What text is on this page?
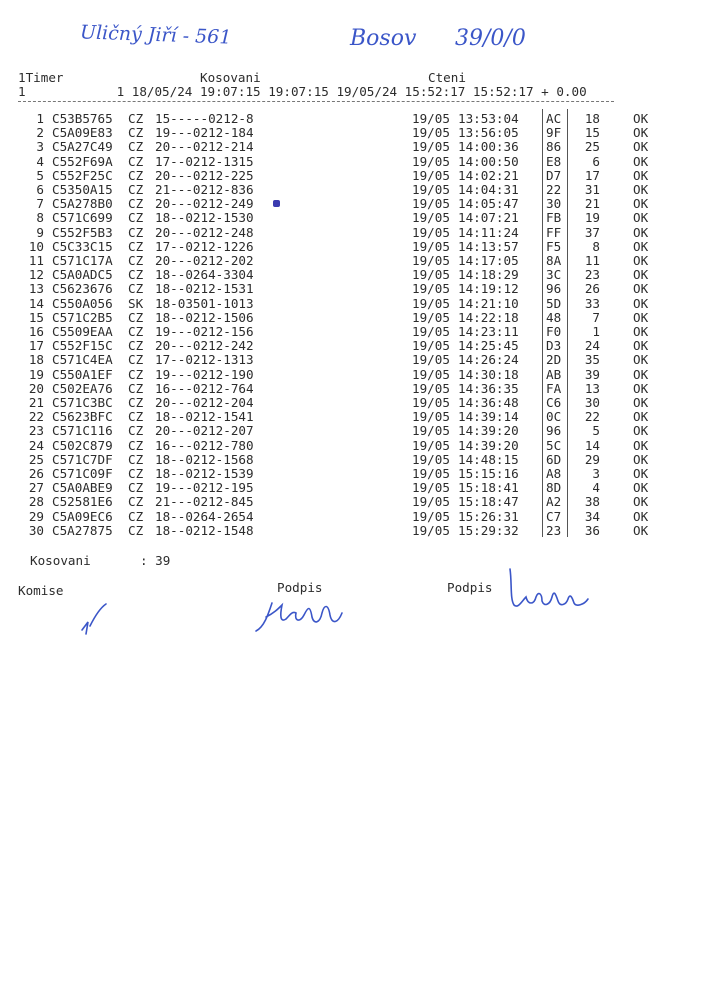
Uličný Jiří - 561	Bosov 39/0/0
1Timer	Kosovani	Cteni
1            1 18/05/24 19:07:15 19:07:15 19/05/24 15:52:17 15:52:17 + 0.00
1 C53B5765 CZ 15-----0212-8	19/05 13:53:04 AC	18	OK
2 C5A09E83 CZ 19---0212-184	19/05 13:56:05 9F	15	OK
3 C5A27C49 CZ 20---0212-214	19/05 14:00:36 86	25	OK
4 C552F69A CZ 17--0212-1315	19/05 14:00:50 E8	6	OK
5 C552F25C CZ 20---0212-225	19/05 14:02:21 D7	17	OK
6 C5350A15 CZ 21---0212-836	19/05 14:04:31 22	31	OK
7 C5A278B0 CZ 20---0212-249	19/05 14:05:47 30	21	OK
8 C571C699 CZ 18--0212-1530	19/05 14:07:21 FB	19	OK
9 C552F5B3 CZ 20---0212-248	19/05 14:11:24 FF	37	OK
10 C5C33C15 CZ 17--0212-1226	19/05 14:13:57 F5	8	OK
11 C571C17A CZ 20---0212-202	19/05 14:17:05 8A	11	OK
12 C5A0ADC5 CZ 18--0264-3304	19/05 14:18:29 3C	23	OK
13 C5623676 CZ 18--0212-1531	19/05 14:19:12 96	26	OK
14 C550A056 SK 18-03501-1013	19/05 14:21:10 5D	33	OK
15 C571C2B5 CZ 18--0212-1506	19/05 14:22:18 48	7	OK
16 C5509EAA CZ 19---0212-156	19/05 14:23:11 F0	1	OK
17 C552F15C CZ 20---0212-242	19/05 14:25:45 D3	24	OK
18 C571C4EA CZ 17--0212-1313	19/05 14:26:24 2D	35	OK
19 C550A1EF CZ 19---0212-190	19/05 14:30:18 AB	39	OK
20 C502EA76 CZ 16---0212-764	19/05 14:36:35 FA	13	OK
21 C571C3BC CZ 20---0212-204	19/05 14:36:48 C6	30	OK
22 C5623BFC CZ 18--0212-1541	19/05 14:39:14 0C	22	OK
23 C571C116 CZ 20---0212-207	19/05 14:39:20 96	5	OK
24 C502C879 CZ 16---0212-780	19/05 14:39:20 5C	14	OK
25 C571C7DF CZ 18--0212-1568	19/05 14:48:15 6D	29	OK
26 C571C09F CZ 18--0212-1539	19/05 15:15:16 A8	3	OK
27 C5A0ABE9 CZ 19---0212-195	19/05 15:18:41 8D	4	OK
28 C52581E6 CZ 21---0212-845	19/05 15:18:47 A2	38	OK
29 C5A09EC6 CZ 18--0264-2654	19/05 15:26:31 C7	34	OK
30 C5A27875 CZ 18--0212-1548	19/05 15:29:32 23	36	OK
Kosovani	: 39
Komise	Podpis	Podpis
